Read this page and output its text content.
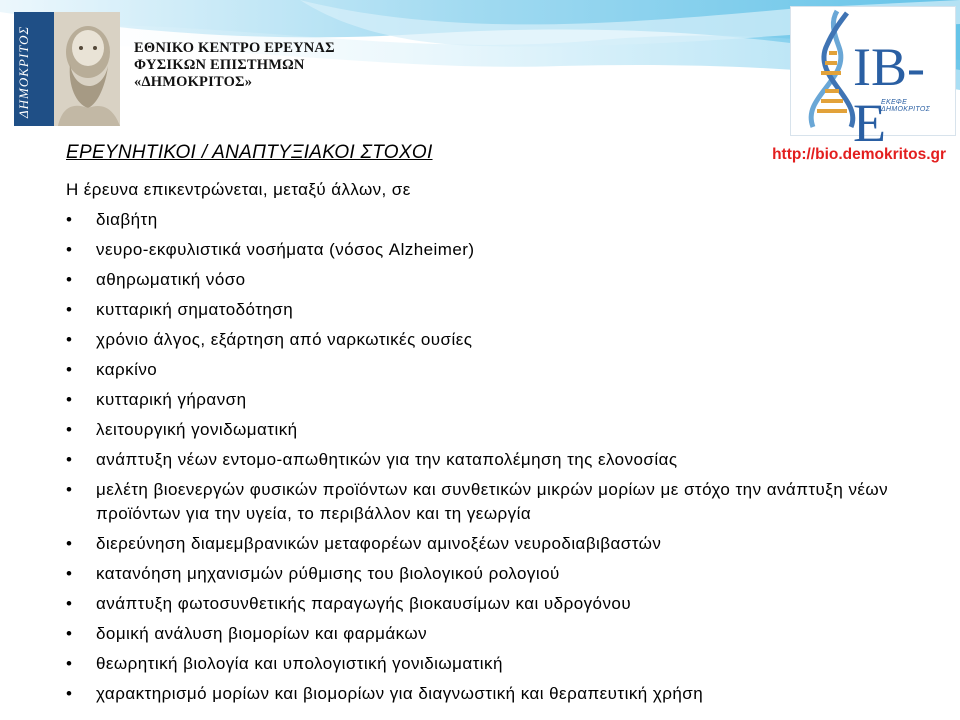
ΔΗΜΟΚΡΙΤΟΣ	ΕΘΝΙΚΟ ΚΕΝΤΡΟ ΕΡΕΥΝΑΣ
ΦΥΣΙΚΩΝ ΕΠΙΣΤΗΜΩΝ
«ΔΗΜΟΚΡΙΤΟΣ»	ΙΒ-Ε
ΕΚΕΦΕ ΔΗΜΟΚΡΙΤΟΣ
ΕΡΕΥΝΗΤΙΚΟΙ / ΑΝΑΠΤΥΞΙΑΚΟΙ ΣΤΟΧΟΙ	http://bio.demokritos.gr
Η έρευνα επικεντρώνεται, μεταξύ άλλων, σε
• διαβήτη
• νευρο-εκφυλιστικά νοσήματα (νόσος Alzheimer)
• αθηρωματική νόσο
• κυτταρική σηματοδότηση
• χρόνιο άλγος, εξάρτηση από ναρκωτικές ουσίες
• καρκίνο
• κυτταρική γήρανση
• λειτουργική γονιδωματική
• ανάπτυξη νέων εντομο-απωθητικών για την καταπολέμηση της ελονοσίας
• μελέτη βιοενεργών φυσικών προϊόντων και συνθετικών μικρών μορίων με στόχο την ανάπτυξη νέων προϊόντων για την υγεία, το περιβάλλον και τη γεωργία
• διερεύνηση διαμεμβρανικών μεταφορέων αμινοξέων νευροδιαβιβαστών
• κατανόηση μηχανισμών ρύθμισης του βιολογικού ρολογιού
• ανάπτυξη φωτοσυνθετικής παραγωγής βιοκαυσίμων και υδρογόνου
• δομική ανάλυση βιομορίων και φαρμάκων
• θεωρητική βιολογία και υπολογιστική γονιδιωματική
• χαρακτηρισμό μορίων και βιομορίων για διαγνωστική και θεραπευτική χρήση
